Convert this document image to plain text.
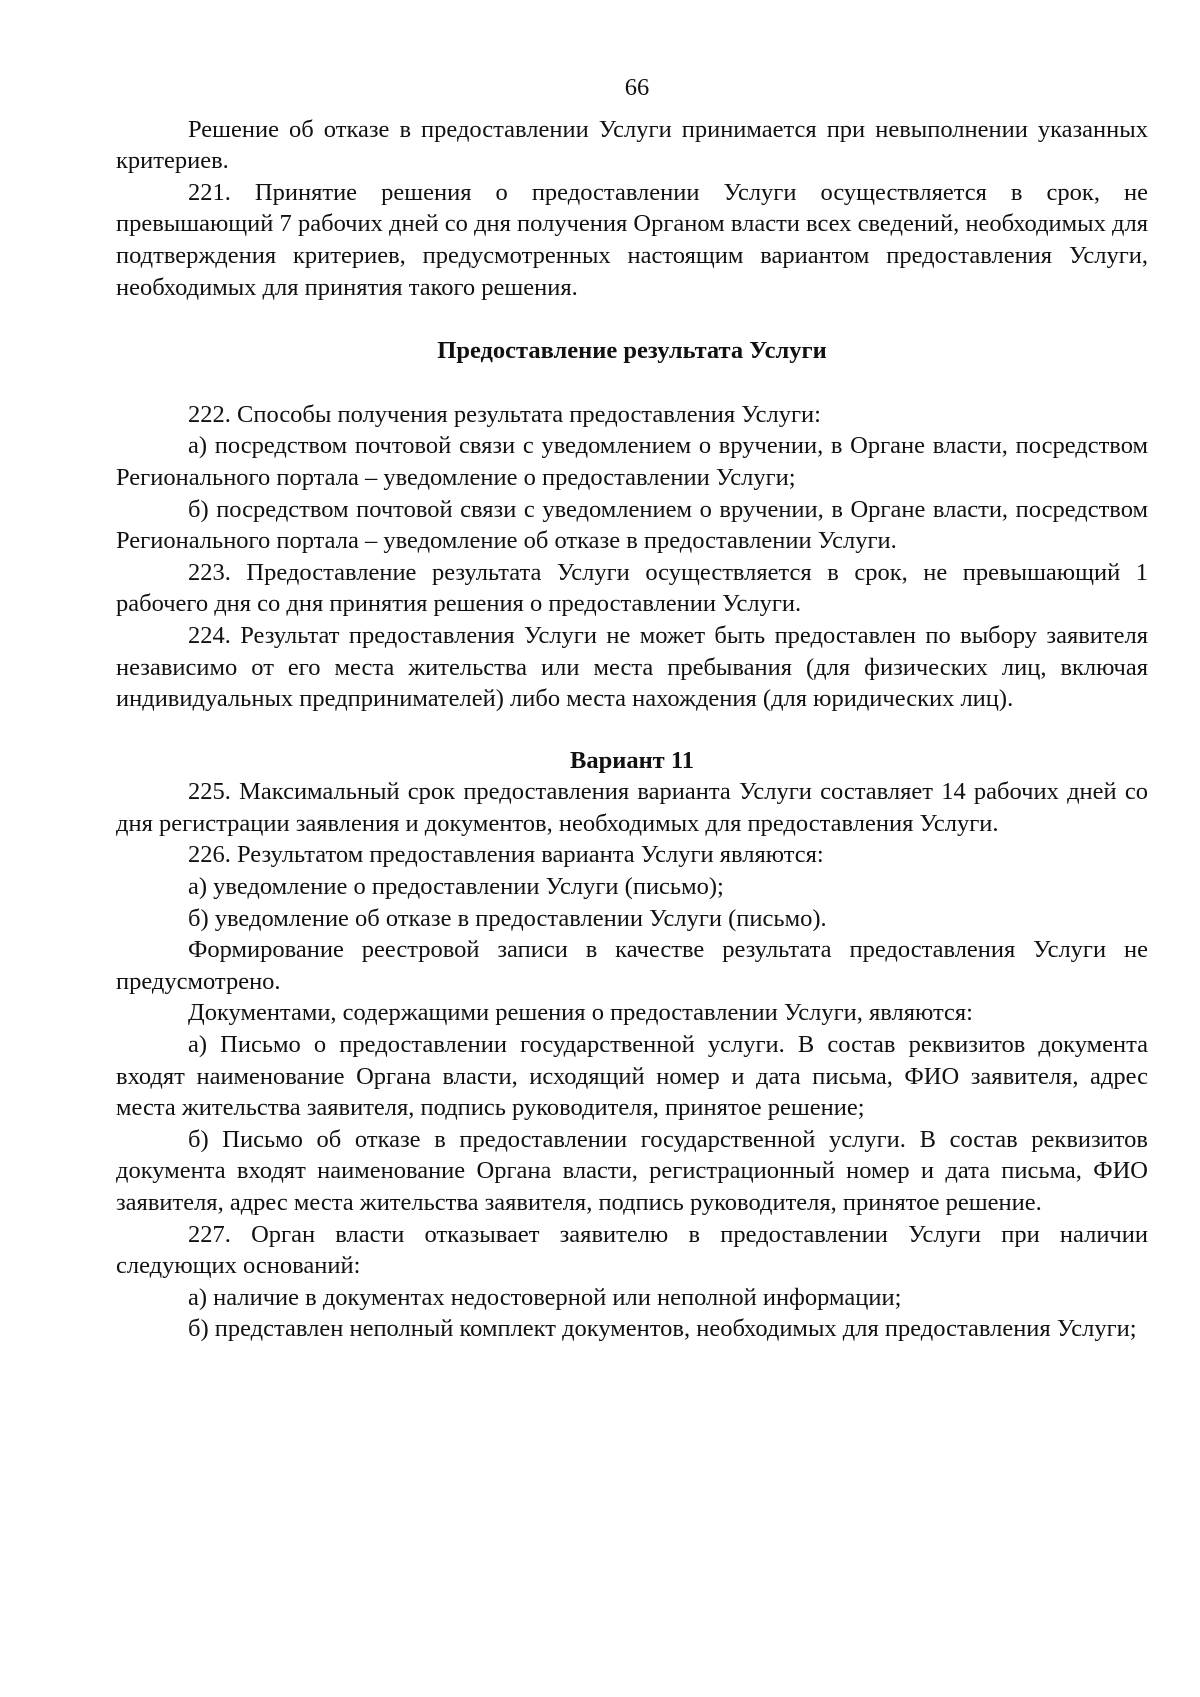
66

Решение об отказе в предоставлении Услуги принимается при невыполнении указанных критериев.

221. Принятие решения о предоставлении Услуги осуществляется в срок, не превышающий 7 рабочих дней со дня получения Органом власти всех сведений, необходимых для подтверждения критериев, предусмотренных настоящим вариантом предоставления Услуги, необходимых для принятия такого решения.

Предоставление результата Услуги

222. Способы получения результата предоставления Услуги:

а) посредством почтовой связи с уведомлением о вручении, в Органе власти, посредством Регионального портала – уведомление о предоставлении Услуги;

б) посредством почтовой связи с уведомлением о вручении, в Органе власти, посредством Регионального портала – уведомление об отказе в предоставлении Услуги.

223. Предоставление результата Услуги осуществляется в срок, не превышающий 1 рабочего дня со дня принятия решения о предоставлении Услуги.

224. Результат предоставления Услуги не может быть предоставлен по выбору заявителя независимо от его места жительства или места пребывания (для физических лиц, включая индивидуальных предпринимателей) либо места нахождения (для юридических лиц).

Вариант 11

225. Максимальный срок предоставления варианта Услуги составляет 14 рабочих дней со дня регистрации заявления и документов, необходимых для предоставления Услуги.

226. Результатом предоставления варианта Услуги являются:

а) уведомление о предоставлении Услуги (письмо);

б) уведомление об отказе в предоставлении Услуги (письмо).

Формирование реестровой записи в качестве результата предоставления Услуги не предусмотрено.

Документами, содержащими решения о предоставлении Услуги, являются:

а) Письмо о предоставлении государственной услуги. В состав реквизитов документа входят наименование Органа власти, исходящий номер и дата письма, ФИО заявителя, адрес места жительства заявителя, подпись руководителя, принятое решение;

б) Письмо об отказе в предоставлении государственной услуги. В состав реквизитов документа входят наименование Органа власти, регистрационный номер и дата письма, ФИО заявителя, адрес места жительства заявителя, подпись руководителя, принятое решение.

227. Орган власти отказывает заявителю в предоставлении Услуги при наличии следующих оснований:

а) наличие в документах недостоверной или неполной информации;

б) представлен неполный комплект документов, необходимых для предоставления Услуги;
